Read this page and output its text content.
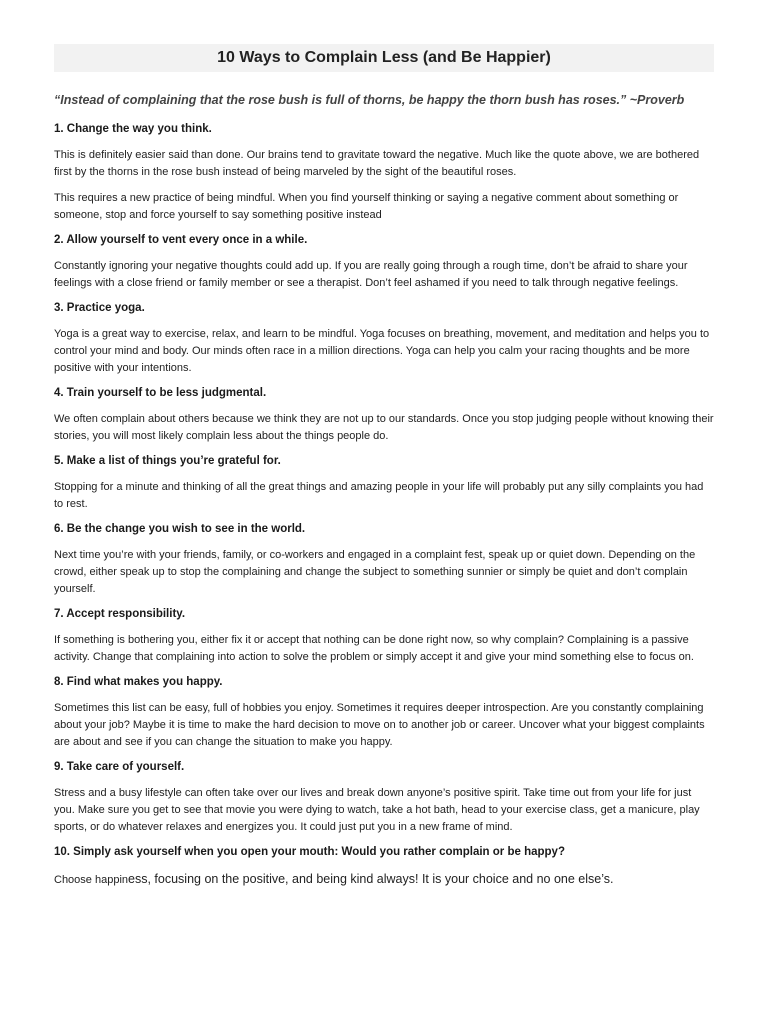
10 Ways to Complain Less (and Be Happier)

“Instead of complaining that the rose bush is full of thorns, be happy the thorn bush has roses.” ~Proverb

1. Change the way you think.

This is definitely easier said than done. Our brains tend to gravitate toward the negative. Much like the quote above, we are bothered first by the thorns in the rose bush instead of being marveled by the sight of the beautiful roses.

This requires a new practice of being mindful. When you find yourself thinking or saying a negative comment about something or someone, stop and force yourself to say something positive instead

2. Allow yourself to vent every once in a while.

Constantly ignoring your negative thoughts could add up. If you are really going through a rough time, don’t be afraid to share your feelings with a close friend or family member or see a therapist. Don’t feel ashamed if you need to talk through negative feelings.

3. Practice yoga.

Yoga is a great way to exercise, relax, and learn to be mindful. Yoga focuses on breathing, movement, and meditation and helps you to control your mind and body. Our minds often race in a million directions. Yoga can help you calm your racing thoughts and be more positive with your intentions.

4. Train yourself to be less judgmental.

We often complain about others because we think they are not up to our standards. Once you stop judging people without knowing their stories, you will most likely complain less about the things people do.

5. Make a list of things you’re grateful for.

Stopping for a minute and thinking of all the great things and amazing people in your life will probably put any silly complaints you had to rest.

6. Be the change you wish to see in the world.

Next time you’re with your friends, family, or co-workers and engaged in a complaint fest, speak up or quiet down. Depending on the crowd, either speak up to stop the complaining and change the subject to something sunnier or simply be quiet and don’t complain yourself.

7. Accept responsibility.

If something is bothering you, either fix it or accept that nothing can be done right now, so why complain? Complaining is a passive activity. Change that complaining into action to solve the problem or simply accept it and give your mind something else to focus on.

8. Find what makes you happy.

Sometimes this list can be easy, full of hobbies you enjoy. Sometimes it requires deeper introspection. Are you constantly complaining about your job? Maybe it is time to make the hard decision to move on to another job or career. Uncover what your biggest complaints are about and see if you can change the situation to make you happy.

9. Take care of yourself.

Stress and a busy lifestyle can often take over our lives and break down anyone’s positive spirit. Take time out from your life for just you. Make sure you get to see that movie you were dying to watch, take a hot bath, head to your exercise class, get a manicure, play sports, or do whatever relaxes and energizes you. It could just put you in a new frame of mind.

10. Simply ask yourself when you open your mouth: Would you rather complain or be happy?

Choose happiness, focusing on the positive, and being kind always! It is your choice and no one else’s.
